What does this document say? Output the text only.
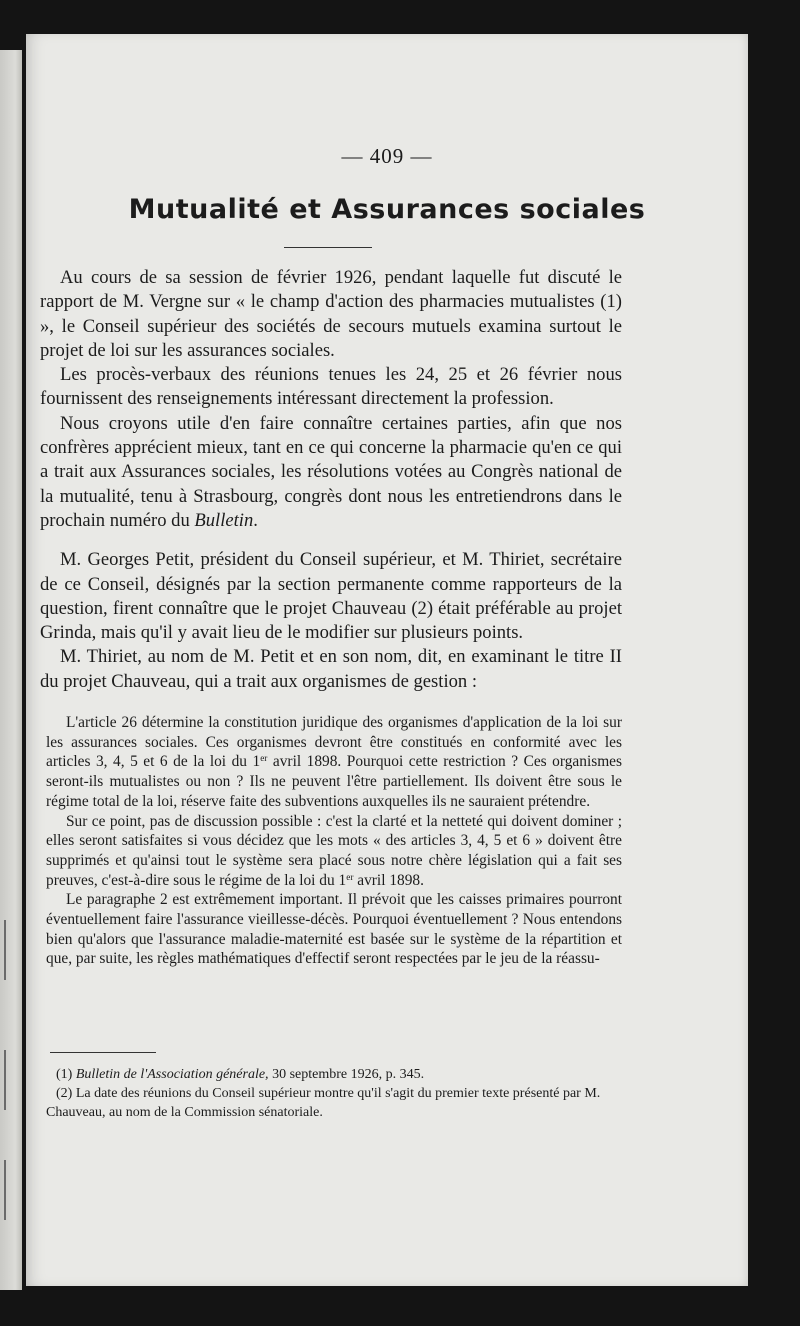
— 409 —
Mutualité et Assurances sociales

Au cours de sa session de février 1926, pendant laquelle fut discuté le rapport de M. Vergne sur « le champ d'action des pharmacies mutualistes (1) », le Conseil supérieur des sociétés de secours mutuels examina surtout le projet de loi sur les assurances sociales.

Les procès-verbaux des réunions tenues les 24, 25 et 26 février nous fournissent des renseignements intéressant directement la profession.

Nous croyons utile d'en faire connaître certaines parties, afin que nos confrères apprécient mieux, tant en ce qui concerne la pharmacie qu'en ce qui a trait aux Assurances sociales, les résolutions votées au Congrès national de la mutualité, tenu à Strasbourg, congrès dont nous les entretiendrons dans le prochain numéro du Bulletin.

M. Georges Petit, président du Conseil supérieur, et M. Thiriet, secrétaire de ce Conseil, désignés par la section permanente comme rapporteurs de la question, firent connaître que le projet Chauveau (2) était préférable au projet Grinda, mais qu'il y avait lieu de le modifier sur plusieurs points.

M. Thiriet, au nom de M. Petit et en son nom, dit, en examinant le titre II du projet Chauveau, qui a trait aux organismes de gestion :

L'article 26 détermine la constitution juridique des organismes d'application de la loi sur les assurances sociales. Ces organismes devront être constitués en conformité avec les articles 3, 4, 5 et 6 de la loi du 1er avril 1898. Pourquoi cette restriction ? Ces organismes seront-ils mutualistes ou non ? Ils ne peuvent l'être partiellement. Ils doivent être sous le régime total de la loi, réserve faite des subventions auxquelles ils ne sauraient prétendre.

Sur ce point, pas de discussion possible : c'est la clarté et la netteté qui doivent dominer ; elles seront satisfaites si vous décidez que les mots « des articles 3, 4, 5 et 6 » doivent être supprimés et qu'ainsi tout le système sera placé sous notre chère législation qui a fait ses preuves, c'est-à-dire sous le régime de la loi du 1er avril 1898.

Le paragraphe 2 est extrêmement important. Il prévoit que les caisses primaires pourront éventuellement faire l'assurance vieillesse-décès. Pourquoi éventuellement ? Nous entendons bien qu'alors que l'assurance maladie-maternité est basée sur le système de la répartition et que, par suite, les règles mathématiques d'effectif seront respectées par le jeu de la réassu-

(1) Bulletin de l'Association générale, 30 septembre 1926, p. 345.

(2) La date des réunions du Conseil supérieur montre qu'il s'agit du premier texte présenté par M. Chauveau, au nom de la Commission sénatoriale.
